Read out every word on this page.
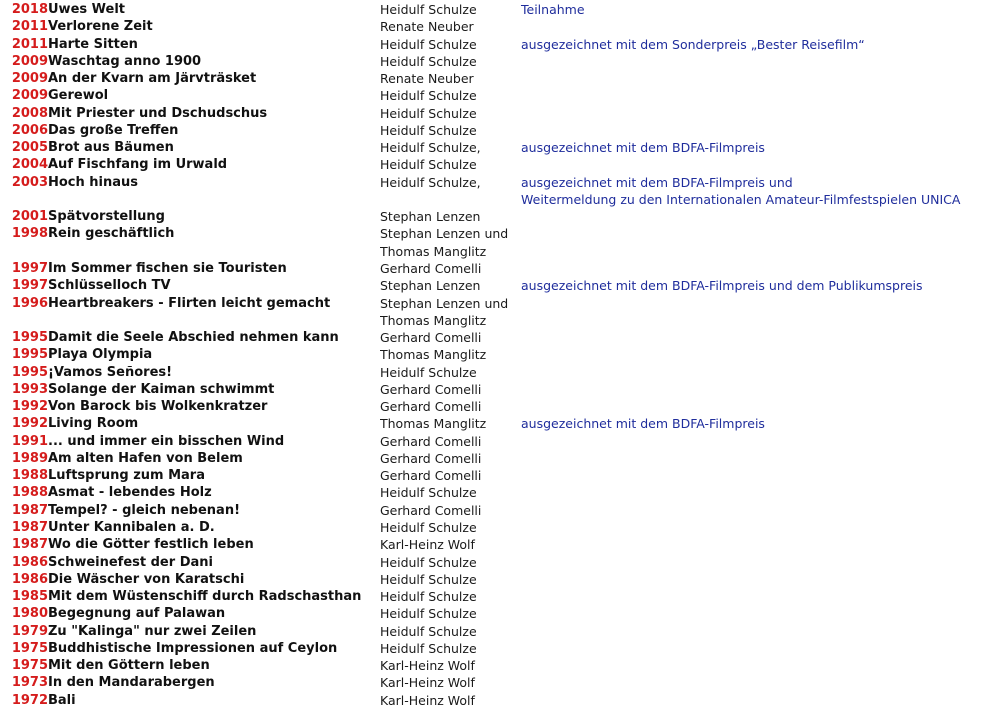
2018 Uwes Welt	Heidulf Schulze	Teilnahme
2011 Verlorene Zeit	Renate Neuber
2011 Harte Sitten	Heidulf Schulze	ausgezeichnet mit dem Sonderpreis „Bester Reisefilm“
2009 Waschtag anno 1900	Heidulf Schulze
2009 An der Kvarn am Järvträsket	Renate Neuber
2009 Gerewol	Heidulf Schulze
2008 Mit Priester und Dschudschus	Heidulf Schulze
2006 Das große Treffen	Heidulf Schulze
2005 Brot aus Bäumen	Heidulf Schulze,	ausgezeichnet mit dem BDFA-Filmpreis
2004 Auf Fischfang im Urwald	Heidulf Schulze
2003 Hoch hinaus	Heidulf Schulze,	ausgezeichnet mit dem BDFA-Filmpreis und
Weitermeldung zu den Internationalen Amateur-Filmfestspielen UNICA
2001 Spätvorstellung	Stephan Lenzen
1998 Rein geschäftlich	Stephan Lenzen und
Thomas Manglitz
1997 Im Sommer fischen sie Touristen	Gerhard Comelli
1997 Schlüsselloch TV	Stephan Lenzen	ausgezeichnet mit dem BDFA-Filmpreis und dem Publikumspreis
1996 Heartbreakers - Flirten leicht gemacht	Stephan Lenzen und
Thomas Manglitz
1995 Damit die Seele Abschied nehmen kann	Gerhard Comelli
1995 Playa Olympia	Thomas Manglitz
1995 ¡Vamos Señores!	Heidulf Schulze
1993 Solange der Kaiman schwimmt	Gerhard Comelli
1992 Von Barock bis Wolkenkratzer	Gerhard Comelli
1992 Living Room	Thomas Manglitz	ausgezeichnet mit dem BDFA-Filmpreis
1991 ... und immer ein bisschen Wind	Gerhard Comelli
1989 Am alten Hafen von Belem	Gerhard Comelli
1988 Luftsprung zum Mara	Gerhard Comelli
1988 Asmat - lebendes Holz	Heidulf Schulze
1987 Tempel? - gleich nebenan!	Gerhard Comelli
1987 Unter Kannibalen a. D.	Heidulf Schulze
1987 Wo die Götter festlich leben	Karl-Heinz Wolf
1986 Schweinefest der Dani	Heidulf Schulze
1986 Die Wäscher von Karatschi	Heidulf Schulze
1985 Mit dem Wüstenschiff durch Radschasthan	Heidulf Schulze
1980 Begegnung auf Palawan	Heidulf Schulze
1979 Zu "Kalinga" nur zwei Zeilen	Heidulf Schulze
1975 Buddhistische Impressionen auf Ceylon	Heidulf Schulze
1975 Mit den Göttern leben	Karl-Heinz Wolf
1973 In den Mandarabergen	Karl-Heinz Wolf
1972 Bali	Karl-Heinz Wolf
